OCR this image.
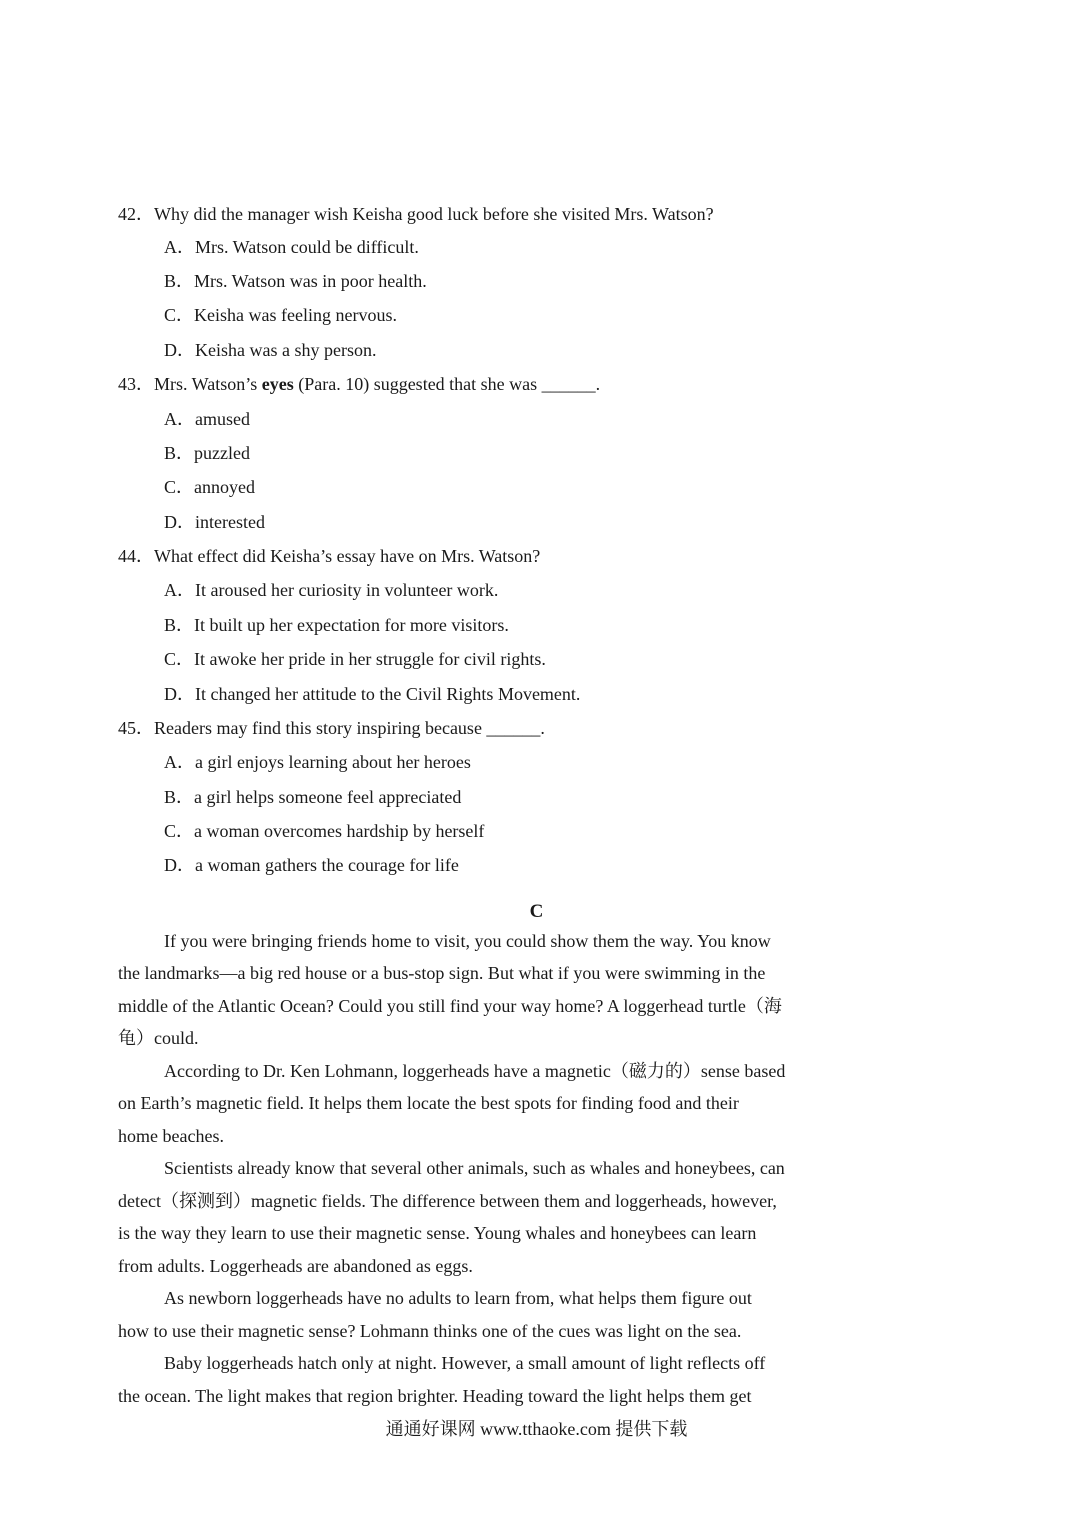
42．Why did the manager wish Keisha good luck before she visited Mrs. Watson?
A．Mrs. Watson could be difficult.
B．Mrs. Watson was in poor health.
C．Keisha was feeling nervous.
D．Keisha was a shy person.
43．Mrs. Watson’s eyes (Para. 10) suggested that she was ______.
A．amused
B．puzzled
C．annoyed
D．interested
44．What effect did Keisha’s essay have on Mrs. Watson?
A．It aroused her curiosity in volunteer work.
B．It built up her expectation for more visitors.
C．It awoke her pride in her struggle for civil rights.
D．It changed her attitude to the Civil Rights Movement.
45．Readers may find this story inspiring because ______.
A．a girl enjoys learning about her heroes
B．a girl helps someone feel appreciated
C．a woman overcomes hardship by herself
D．a woman gathers the courage for life
C
If you were bringing friends home to visit, you could show them the way. You know
the landmarks—a big red house or a bus-stop sign. But what if you were swimming in the
middle of the Atlantic Ocean? Could you still find your way home? A loggerhead turtle（海
龟）could.
According to Dr. Ken Lohmann, loggerheads have a magnetic（磁力的）sense based
on Earth’s magnetic field. It helps them locate the best spots for finding food and their
home beaches.
Scientists already know that several other animals, such as whales and honeybees, can
detect（探测到）magnetic fields. The difference between them and loggerheads, however,
is the way they learn to use their magnetic sense. Young whales and honeybees can learn
from adults. Loggerheads are abandoned as eggs.
As newborn loggerheads have no adults to learn from, what helps them figure out
how to use their magnetic sense? Lohmann thinks one of the cues was light on the sea.
Baby loggerheads hatch only at night. However, a small amount of light reflects off
the ocean. The light makes that region brighter. Heading toward the light helps them get
通通好课网 www.tthaoke.com 提供下载
